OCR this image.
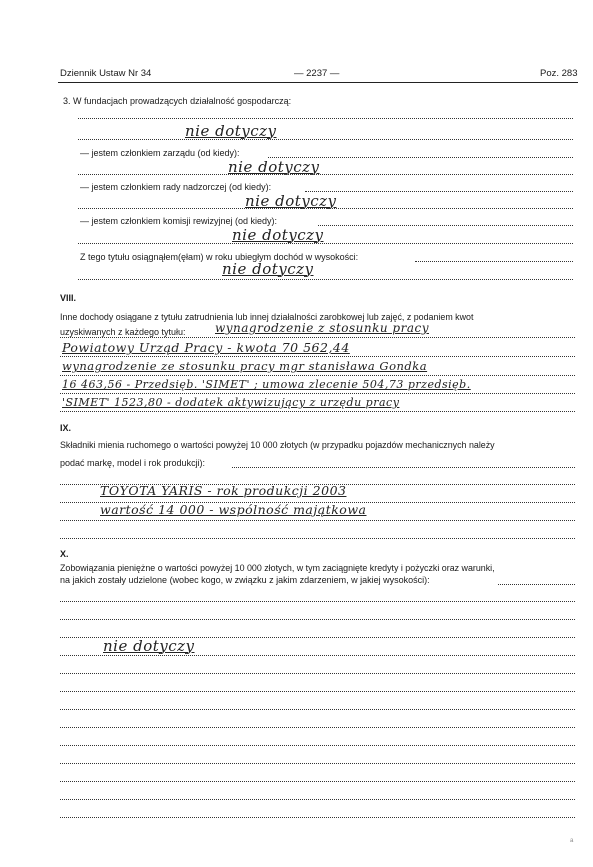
Dziennik Ustaw Nr 34	— 2237 —	Poz. 283
3. W fundacjach prowadzących działalność gospodarczą:
nie dotyczy
— jestem członkiem zarządu (od kiedy):
nie dotyczy
— jestem członkiem rady nadzorczej (od kiedy):
nie dotyczy
— jestem członkiem komisji rewizyjnej (od kiedy):
nie dotyczy
Z tego tytułu osiągnąłem(ęłam) w roku ubiegłym dochód w wysokości:
nie dotyczy
VIII.
Inne dochody osiągane z tytułu zatrudnienia lub innej działalności zarobkowej lub zajęć, z podaniem kwot
uzyskiwanych z każdego tytułu: wynagrodzenie z stosunku pracy
Powiatowy Urząd Pracy - kwota 70 562,44
wynagrodzenie ze stosunku pracy mgr stanisława Gondka
16 463,56 - Przedsięb. 'SIMET' ; umowa zlecenie 504,73 przedsięb.
'SIMET' 1523,80 - dodatek aktywizujący z urzędu pracy
IX.
Składniki mienia ruchomego o wartości powyżej 10 000 złotych (w przypadku pojazdów mechanicznych należy
podać markę, model i rok produkcji):
TOYOTA YARIS - rok produkcji 2003
wartość 14 000 - wspólność majątkowa
X.
Zobowiązania pieniężne o wartości powyżej 10 000 złotych, w tym zaciągnięte kredyty i pożyczki oraz warunki,
na jakich zostały udzielone (wobec kogo, w związku z jakim zdarzeniem, w jakiej wysokości):
nie dotyczy
a
